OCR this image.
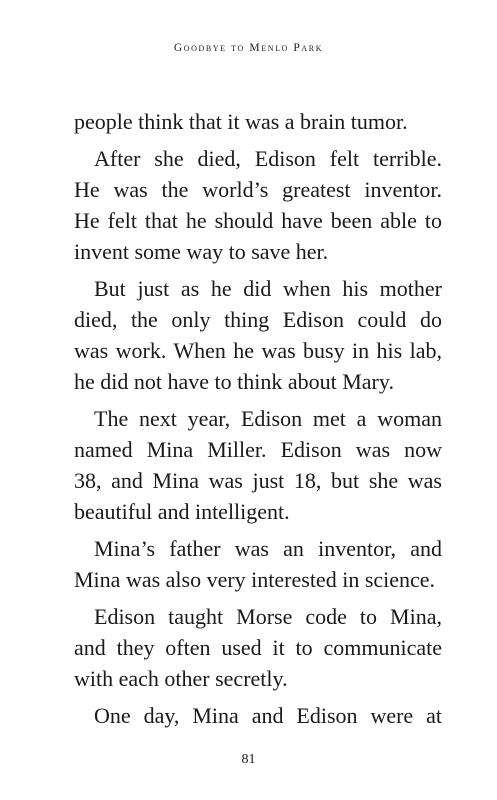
Goodbye to Menlo Park
people think that it was a brain tumor.
After she died, Edison felt terrible.
He was the world’s greatest inventor.
He felt that he should have been able to
invent some way to save her.
But just as he did when his mother
died, the only thing Edison could do
was work. When he was busy in his lab,
he did not have to think about Mary.
The next year, Edison met a woman
named Mina Miller. Edison was now
38, and Mina was just 18, but she was
beautiful and intelligent.
Mina’s father was an inventor, and
Mina was also very interested in science.
Edison taught Morse code to Mina,
and they often used it to communicate
with each other secretly.
One day, Mina and Edison were at
81
